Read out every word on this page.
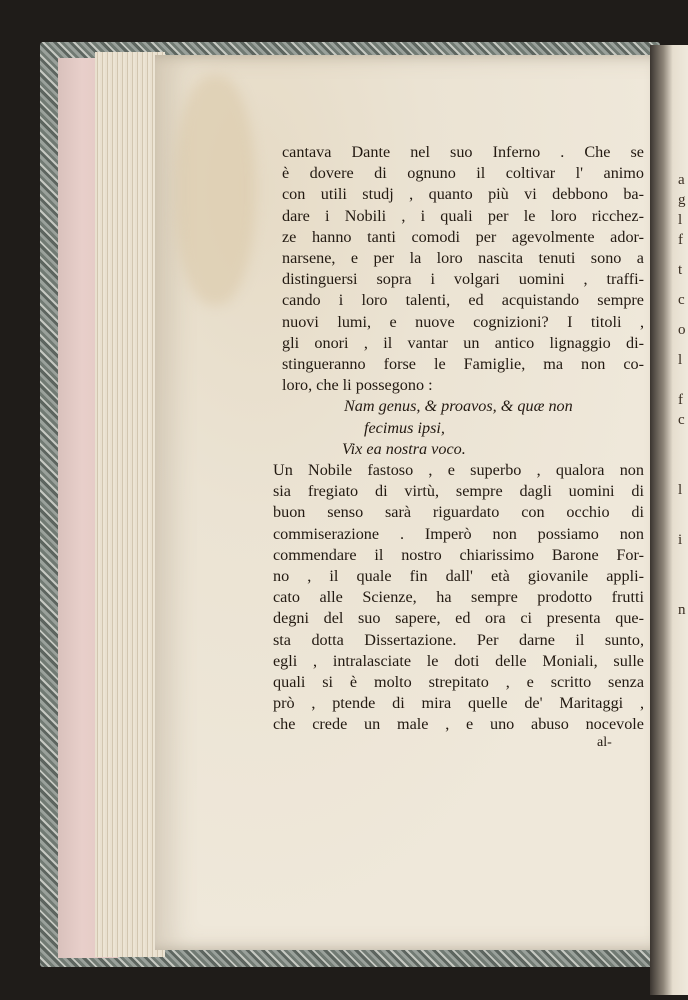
a
g
l
f
t
c
o
l
f
c
l
i
n
cantava Dante nel suo Inferno . Che se
è dovere di ognuno il coltivar l' animo
con utili studj , quanto più vi debbono ba-
dare i Nobili , i quali per le loro ricchez-
ze hanno tanti comodi per agevolmente ador-
narsene, e per la loro nascita tenuti sono a
distinguersi sopra i volgari uomini , traffi-
cando i loro talenti, ed acquistando sempre
nuovi lumi, e nuove cognizioni? I titoli ,
gli onori , il vantar un antico lignaggio di-
stingueranno forse le Famiglie, ma non co-
loro, che li possegono :
Nam genus, & proavos, & quæ non
fecimus ipsi,
Vix ea nostra voco.
Un Nobile fastoso , e superbo , qualora non
sia fregiato di virtù, sempre dagli uomini di
buon senso sarà riguardato con occhio di
commiserazione . Imperò non possiamo non
commendare il nostro chiarissimo Barone For-
no , il quale fin dall' età giovanile appli-
cato alle Scienze, ha sempre prodotto frutti
degni del suo sapere, ed ora ci presenta que-
sta dotta Dissertazione. Per darne il sunto,
egli , intralasciate le doti delle Moniali, sulle
quali si è molto strepitato , e scritto senza
prò , ptende di mira quelle de' Maritaggi ,
che crede un male , e uno abuso nocevole
al-
